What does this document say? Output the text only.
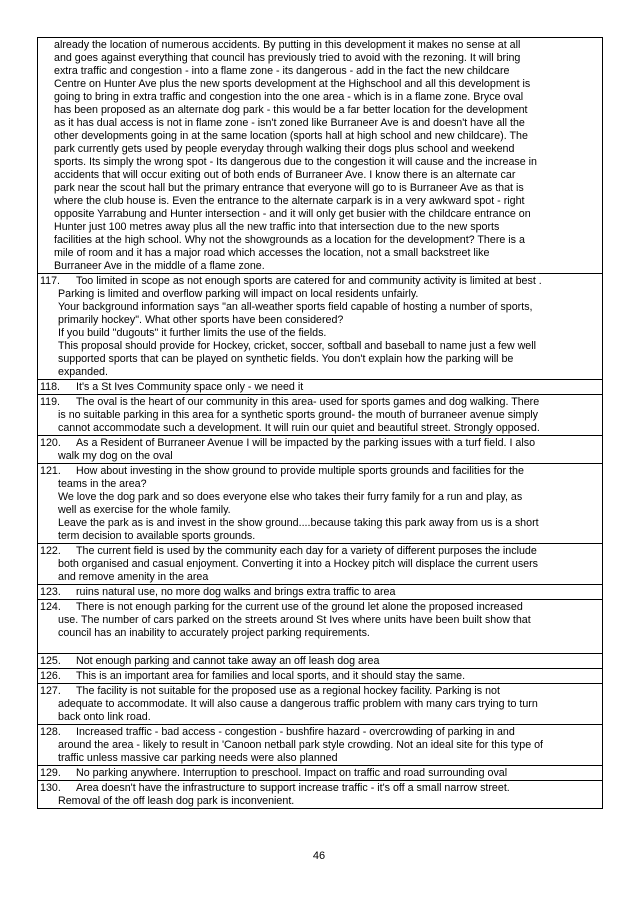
already the location of numerous accidents. By putting in this development it makes no sense at all
and goes against everything that council has previously tried to avoid with the rezoning. It will bring
extra traffic and congestion - into a flame zone - its dangerous - add in the fact the new childcare
Centre on Hunter Ave plus the new sports development at the Highschool and all this development is
going to bring in extra traffic and congestion into the one area - which is in a flame zone. Bryce oval
has been proposed as an alternate dog park - this would be a far better location for the development
as it has dual access is not in flame zone - isn't zoned like Burraneer Ave is and doesn't have all the
other developments going in at the same location (sports hall at high school and new childcare). The
park currently gets used by people everyday through walking their dogs plus school and weekend
sports. Its simply the wrong spot - Its dangerous due to the congestion it will cause and the increase in
accidents that will occur exiting out of both ends of Burraneer Ave. I know there is an alternate car
park near the scout hall but the primary entrance that everyone will go to is Burraneer Ave as that is
where the club house is. Even the entrance to the alternate carpark is in a very awkward spot - right
opposite Yarrabung and Hunter intersection - and it will only get busier with the childcare entrance on
Hunter just 100 metres away plus all the new traffic into that intersection due to the new sports
facilities at the high school. Why not the showgrounds as a location for the development? There is a
mile of room and it has a major road which accesses the location, not a small backstreet like
Burraneer Ave in the middle of a flame zone.
117.	Too limited in scope as not enough sports are catered for and community activity is limited at best .
Parking is limited and overflow parking will impact on local residents unfairly.
Your background information says "an all-weather sports field capable of hosting a number of sports,
primarily hockey". What other sports have been considered?
If you build "dugouts" it further limits the use of the fields.
This proposal should provide for Hockey, cricket, soccer, softball and baseball to name just a few well
supported sports that can be played on synthetic fields. You don't explain how the parking will be
expanded.
118.	It's a St Ives Community space only - we need it
119.	The oval is the heart of our community in this area- used for sports games and dog walking. There
is no suitable parking in this area for a synthetic sports ground- the mouth of burraneer avenue simply
cannot accommodate such a development. It will ruin our quiet and beautiful street. Strongly opposed.
120.	As a Resident of Burraneer Avenue I will be impacted by the parking issues with a turf field. I also
walk my dog on the oval
121.	How about investing in the show ground to provide multiple sports grounds and facilities for the
teams in the area?
We love the dog park and so does everyone else who takes their furry family for a run and play, as
well as exercise for the whole family.
Leave the park as is and invest in the show ground....because taking this park away from us is a short
term decision to available sports grounds.
122.	The current field is used by the community each day for a variety of different purposes the include
both organised and casual enjoyment. Converting it into a Hockey pitch will displace the current users
and remove amenity in the area
123.	ruins natural use, no more dog walks and brings extra traffic to area
124.	There is not enough parking for the current use of the ground let alone the proposed increased
use. The number of cars parked on the streets around St Ives where units have been built show that
council has an inability to accurately project parking requirements.

125.	Not enough parking and cannot take away an off leash dog area
126.	This is an important area for families and local sports, and it should stay the same.
127.	The facility is not suitable for the proposed use as a regional hockey facility. Parking is not
adequate to accommodate. It will also cause a dangerous traffic problem with many cars trying to turn
back onto link road.
128.	Increased traffic - bad access - congestion - bushfire hazard - overcrowding of parking in and
around the area - likely to result in 'Canoon netball park style crowding. Not an ideal site for this type of
traffic unless massive car parking needs were also planned
129.	No parking anywhere. Interruption to preschool. Impact on traffic and road surrounding oval
130.	Area doesn't have the infrastructure to support increase traffic - it's off a small narrow street.
Removal of the off leash dog park is inconvenient.
46
